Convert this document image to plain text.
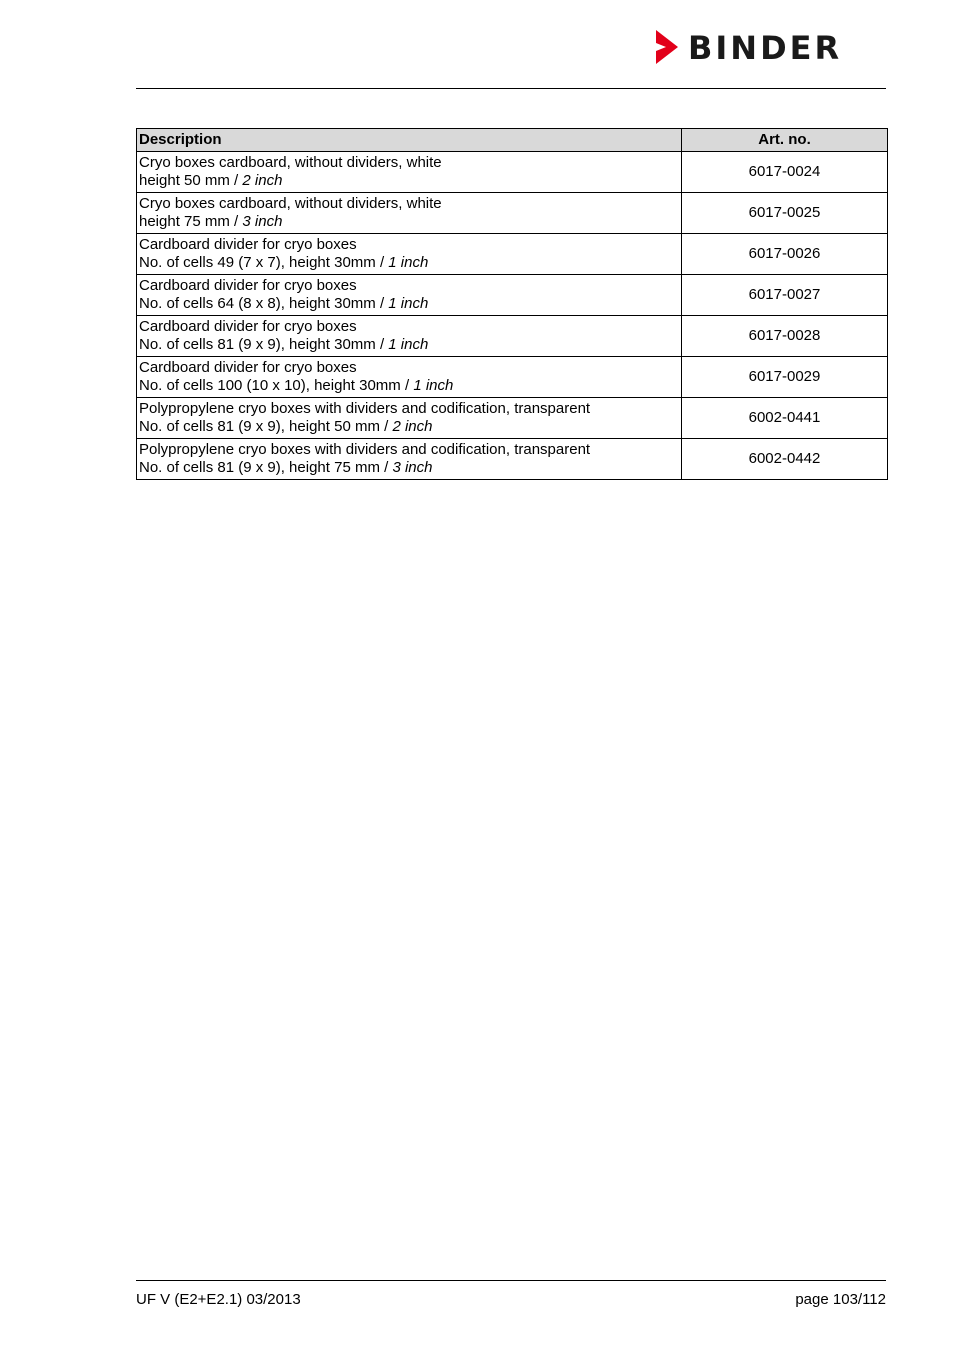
BINDER
Description	Art. no.

Cryo boxes cardboard, without dividers, white
height 50 mm / 2 inch	6017-0024

Cryo boxes cardboard, without dividers, white
height 75 mm / 3 inch	6017-0025

Cardboard divider for cryo boxes
No. of cells 49 (7 x 7), height 30mm / 1 inch	6017-0026

Cardboard divider for cryo boxes
No. of cells 64 (8 x 8), height 30mm / 1 inch	6017-0027

Cardboard divider for cryo boxes
No. of cells 81 (9 x 9), height 30mm / 1 inch	6017-0028

Cardboard divider for cryo boxes
No. of cells 100 (10 x 10), height 30mm / 1 inch	6017-0029

Polypropylene cryo boxes with dividers and codification, transparent
No. of cells 81 (9 x 9), height 50 mm / 2 inch	6002-0441

Polypropylene cryo boxes with dividers and codification, transparent
No. of cells 81 (9 x 9), height 75 mm / 3 inch	6002-0442
UF V (E2+E2.1) 03/2013	page 103/112
